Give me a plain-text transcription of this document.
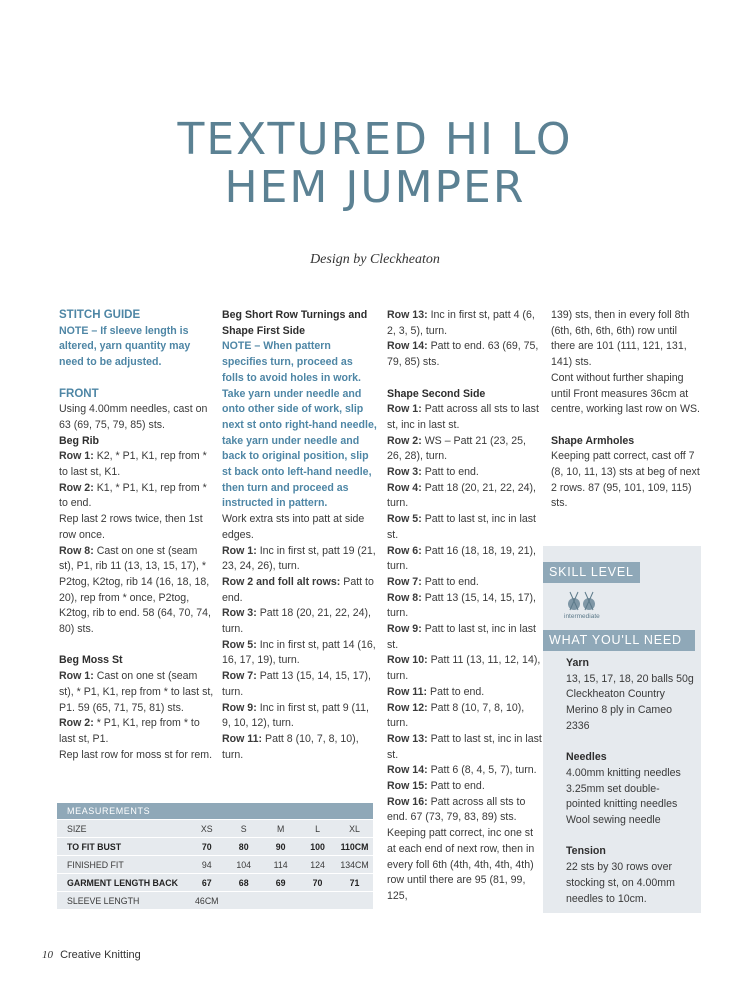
TEXTURED HI LO
HEM JUMPER
Design by Cleckheaton

STITCH GUIDE

NOTE – If sleeve length is altered, yarn quantity may need to be adjusted.

FRONT

Using 4.00mm needles, cast on 63 (69, 75, 79, 85) sts.

Beg Rib

Row 1: K2, * P1, K1, rep from * to last st, K1.

Row 2: K1, * P1, K1, rep from * to end.

Rep last 2 rows twice, then 1st row once.

Row 8: Cast on one st (seam st), P1, rib 11 (13, 13, 15, 17), * P2tog, K2tog, rib 14 (16, 18, 18, 20), rep from * once, P2tog, K2tog, rib to end. 58 (64, 70, 74, 80) sts.

Beg Moss St

Row 1: Cast on one st (seam st), * P1, K1, rep from * to last st, P1. 59 (65, 71, 75, 81) sts.

Row 2: * P1, K1, rep from * to last st, P1.

Rep last row for moss st for rem.

Beg Short Row Turnings and Shape First Side

NOTE – When pattern specifies turn, proceed as folls to avoid holes in work. Take yarn under needle and onto other side of work, slip next st onto right-hand needle, take yarn under needle and back to original position, slip st back onto left-hand needle, then turn and proceed as instructed in pattern.

Work extra sts into patt at side edges.

Row 1: Inc in first st, patt 19 (21, 23, 24, 26), turn.

Row 2 and foll alt rows: Patt to end.

Row 3: Patt 18 (20, 21, 22, 24), turn.

Row 5: Inc in first st, patt 14 (16, 16, 17, 19), turn.

Row 7: Patt 13 (15, 14, 15, 17), turn.

Row 9: Inc in first st, patt 9 (11, 9, 10, 12), turn.

Row 11: Patt 8 (10, 7, 8, 10), turn.

Row 13: Inc in first st, patt 4 (6, 2, 3, 5), turn.

Row 14: Patt to end. 63 (69, 75, 79, 85) sts.

Shape Second Side

Row 1: Patt across all sts to last st, inc in last st.

Row 2: WS – Patt 21 (23, 25, 26, 28), turn.

Row 3: Patt to end.

Row 4: Patt 18 (20, 21, 22, 24), turn.

Row 5: Patt to last st, inc in last st.

Row 6: Patt 16 (18, 18, 19, 21), turn.

Row 7: Patt to end.

Row 8: Patt 13 (15, 14, 15, 17), turn.

Row 9: Patt to last st, inc in last st.

Row 10: Patt 11 (13, 11, 12, 14), turn.

Row 11: Patt to end.

Row 12: Patt 8 (10, 7, 8, 10), turn.

Row 13: Patt to last st, inc in last st.

Row 14: Patt 6 (8, 4, 5, 7), turn.

Row 15: Patt to end.

Row 16: Patt across all sts to end. 67 (73, 79, 83, 89) sts.

Keeping patt correct, inc one st at each end of next row, then in every foll 6th (4th, 4th, 4th, 4th) row until there are 95 (81, 99, 125,

139) sts, then in every foll 8th (6th, 6th, 6th, 6th) row until there are 101 (111, 121, 131, 141) sts.

Cont without further shaping until Front measures 36cm at centre, working last row on WS.

Shape Armholes

Keeping patt correct, cast off 7 (8, 10, 11, 13) sts at beg of next 2 rows. 87 (95, 101, 109, 115) sts.

SKILL LEVEL
intermediate
WHAT YOU'LL NEED

Yarn

13, 15, 17, 18, 20 balls 50g Cleckheaton Country Merino 8 ply in Cameo 2336

Needles

4.00mm knitting needles

3.25mm set double-pointed knitting needles

Wool sewing needle

Tension

22 sts by 30 rows over stocking st, on 4.00mm needles to 10cm.

MEASUREMENTS					
SIZE	XS	S	M	L	XL
TO FIT BUST	70	80	90	100	110CM
FINISHED FIT	94	104	114	124	134CM
GARMENT LENGTH BACK	67	68	69	70	71
SLEEVE LENGTH	46CM				
10 Creative Knitting
